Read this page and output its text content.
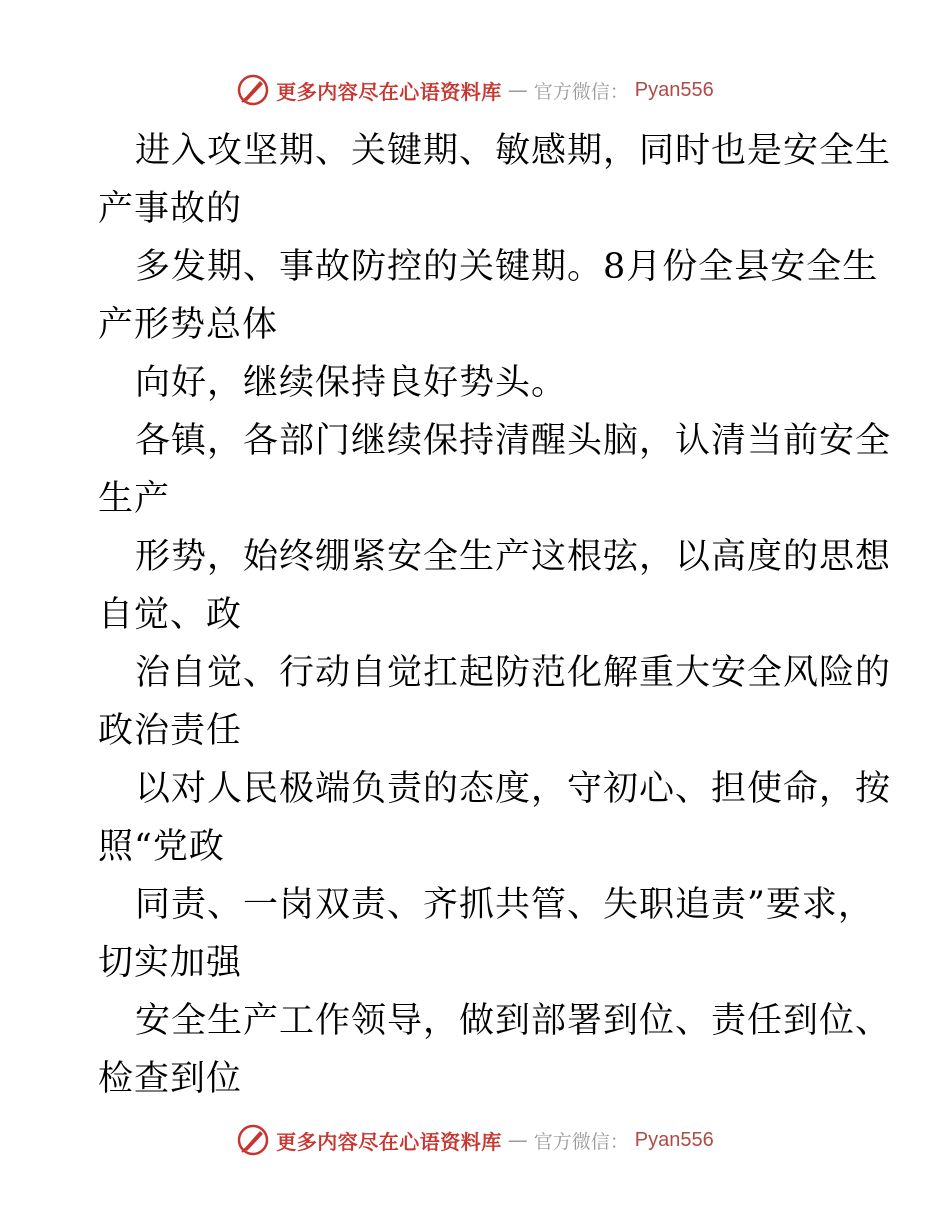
更多内容尽在心语资料库 — 官方微信： Pyan556
进入攻坚期、关键期、敏感期，同时也是安全生
产事故的
多发期、事故防控的关键期。8月份全县安全生
产形势总体
向好，继续保持良好势头。
各镇，各部门继续保持清醒头脑，认清当前安全
生产
形势，始终绷紧安全生产这根弦，以高度的思想
自觉、政
治自觉、行动自觉扛起防范化解重大安全风险的
政治责任
以对人民极端负责的态度，守初心、担使命，按
照“党政
同责、一岗双责、齐抓共管、失职追责”要求，
切实加强
安全生产工作领导，做到部署到位、责任到位、
检查到位
更多内容尽在心语资料库 — 官方微信： Pyan556
